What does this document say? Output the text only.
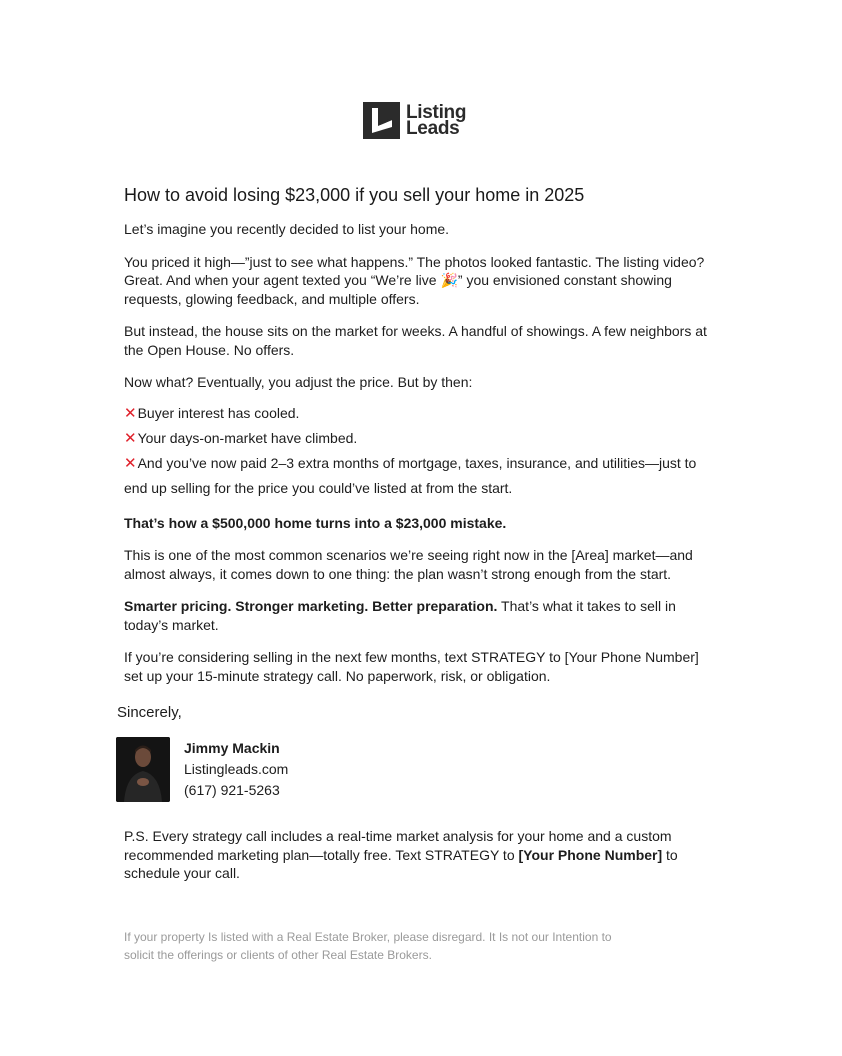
Listing
Leads
How to avoid losing $23,000 if you sell your home in 2025

Let’s imagine you recently decided to list your home.

You priced it high—”just to see what happens.” The photos looked fantastic. The listing video? Great. And when your agent texted you “We’re live 🎉” you envisioned constant showing requests, glowing feedback, and multiple offers.

But instead, the house sits on the market for weeks. A handful of showings. A few neighbors at the Open House. No offers.

Now what? Eventually, you adjust the price. But by then:

✕Buyer interest has cooled.
✕Your days-on-market have climbed.
✕And you’ve now paid 2–3 extra months of mortgage, taxes, insurance, and utilities—just to end up selling for the price you could’ve listed at from the start.

That’s how a $500,000 home turns into a $23,000 mistake.

This is one of the most common scenarios we’re seeing right now in the [Area] market—and almost always, it comes down to one thing: the plan wasn’t strong enough from the start.

Smarter pricing. Stronger marketing. Better preparation. That’s what it takes to sell in today’s market.

If you’re considering selling in the next few months, text STRATEGY to [Your Phone Number] set up your 15-minute strategy call. No paperwork, risk, or obligation.

Sincerely,

Jimmy Mackin

Listingleads.com

(617) 921-5263

P.S. Every strategy call includes a real-time market analysis for your home and a custom recommended marketing plan—totally free. Text STRATEGY to [Your Phone Number] to schedule your call.

If your property Is listed with a Real Estate Broker, please disregard. It Is not our Intention to solicit the offerings or clients of other Real Estate Brokers.
